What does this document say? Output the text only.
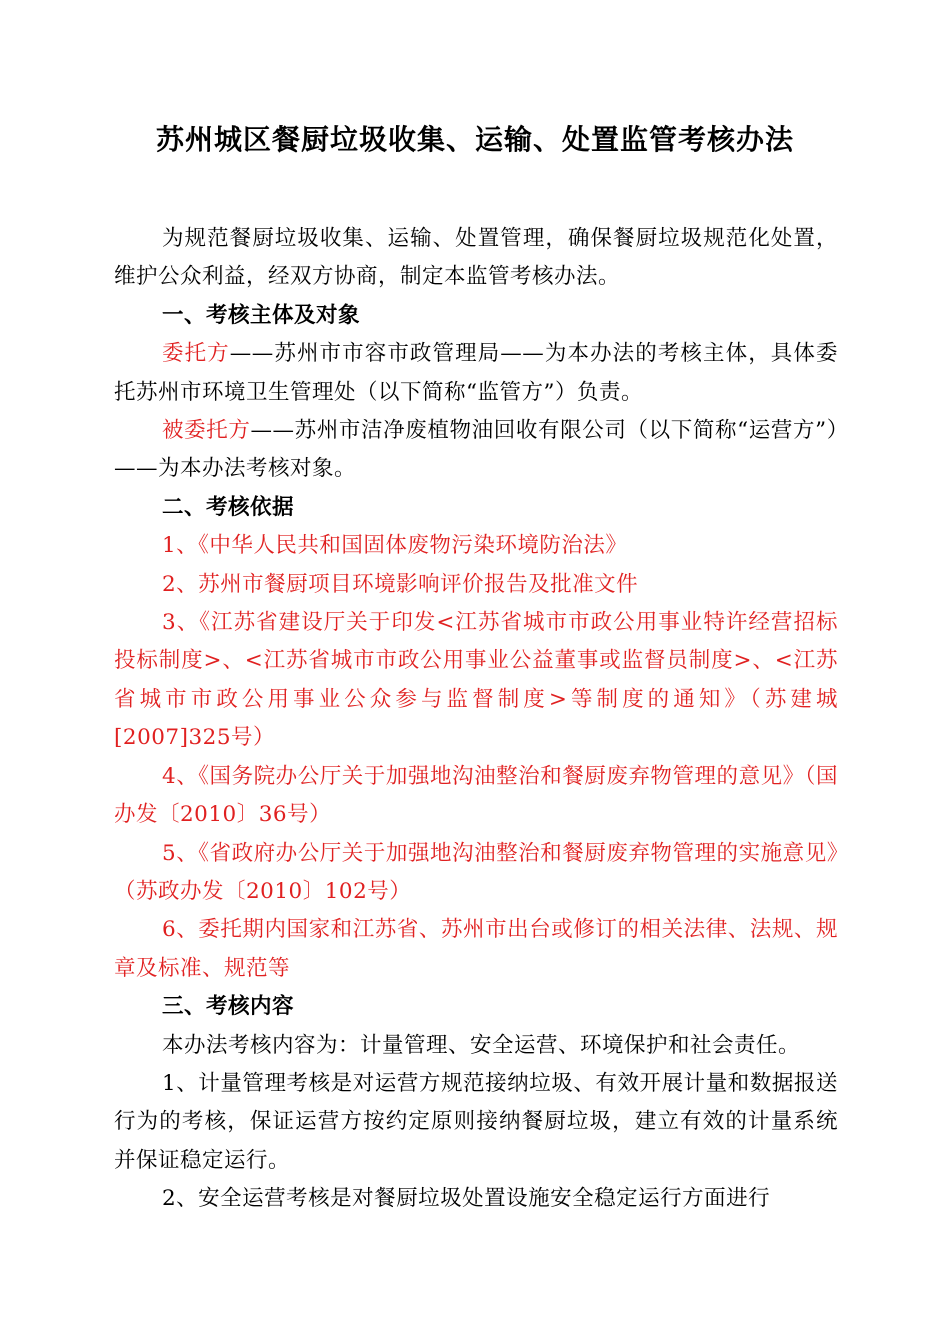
苏州城区餐厨垃圾收集、运输、处置监管考核办法

为规范餐厨垃圾收集、运输、处置管理，确保餐厨垃圾规范化处置，维护公众利益，经双方协商，制定本监管考核办法。

一、考核主体及对象

委托方——苏州市市容市政管理局——为本办法的考核主体，具体委托苏州市环境卫生管理处（以下简称“监管方”）负责。

被委托方——苏州市洁净废植物油回收有限公司（以下简称“运营方”）——为本办法考核对象。

二、考核依据

1、《中华人民共和国固体废物污染环境防治法》

2、苏州市餐厨项目环境影响评价报告及批准文件

3、《江苏省建设厅关于印发<江苏省城市市政公用事业特许经营招标投标制度>、<江苏省城市市政公用事业公益董事或监督员制度>、<江苏省城市市政公用事业公众参与监督制度>等制度的通知》（苏建城[2007]325号）

4、《国务院办公厅关于加强地沟油整治和餐厨废弃物管理的意见》（国办发〔2010〕36号）

5、《省政府办公厅关于加强地沟油整治和餐厨废弃物管理的实施意见》（苏政办发〔2010〕102号）

6、委托期内国家和江苏省、苏州市出台或修订的相关法律、法规、规章及标准、规范等

三、考核内容

本办法考核内容为：计量管理、安全运营、环境保护和社会责任。

1、计量管理考核是对运营方规范接纳垃圾、有效开展计量和数据报送行为的考核，保证运营方按约定原则接纳餐厨垃圾，建立有效的计量系统并保证稳定运行。

2、安全运营考核是对餐厨垃圾处置设施安全稳定运行方面进行
